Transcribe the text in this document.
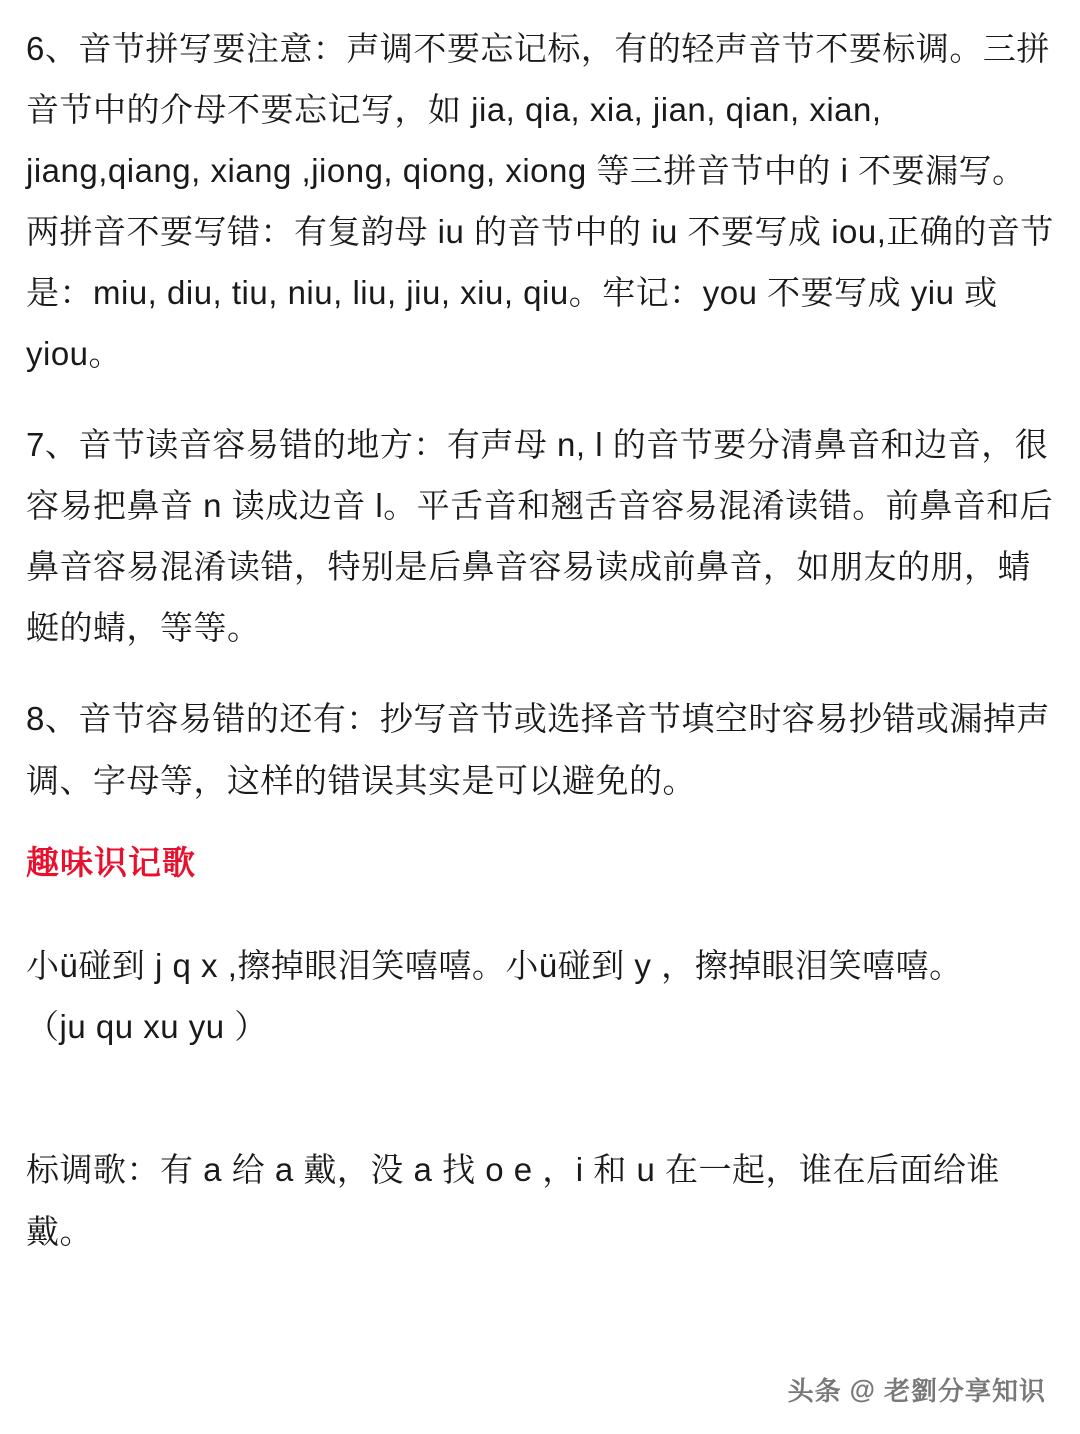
6、音节拼写要注意：声调不要忘记标，有的轻声音节不要标调。三拼音节中的介母不要忘记写，如 jia, qia, xia, jian, qian, xian, jiang,qiang, xiang ,jiong, qiong, xiong 等三拼音节中的 i 不要漏写。两拼音不要写错：有复韵母 iu 的音节中的 iu 不要写成 iou,正确的音节是：miu, diu, tiu, niu, liu, jiu, xiu, qiu。牢记：you 不要写成 yiu 或 yiou。

7、音节读音容易错的地方：有声母 n, l 的音节要分清鼻音和边音，很容易把鼻音 n 读成边音 l。平舌音和翘舌音容易混淆读错。前鼻音和后鼻音容易混淆读错，特别是后鼻音容易读成前鼻音，如朋友的朋，蜻蜓的蜻，等等。

8、音节容易错的还有：抄写音节或选择音节填空时容易抄错或漏掉声调、字母等，这样的错误其实是可以避免的。

趣味识记歌

小ü碰到 j q x ,擦掉眼泪笑嘻嘻。小ü碰到 y ，擦掉眼泪笑嘻嘻。
（ju qu xu yu ）

标调歌：有 a 给 a 戴，没 a 找 o e ，i 和 u 在一起，谁在后面给谁戴。

头条 @ 老劉分享知识
